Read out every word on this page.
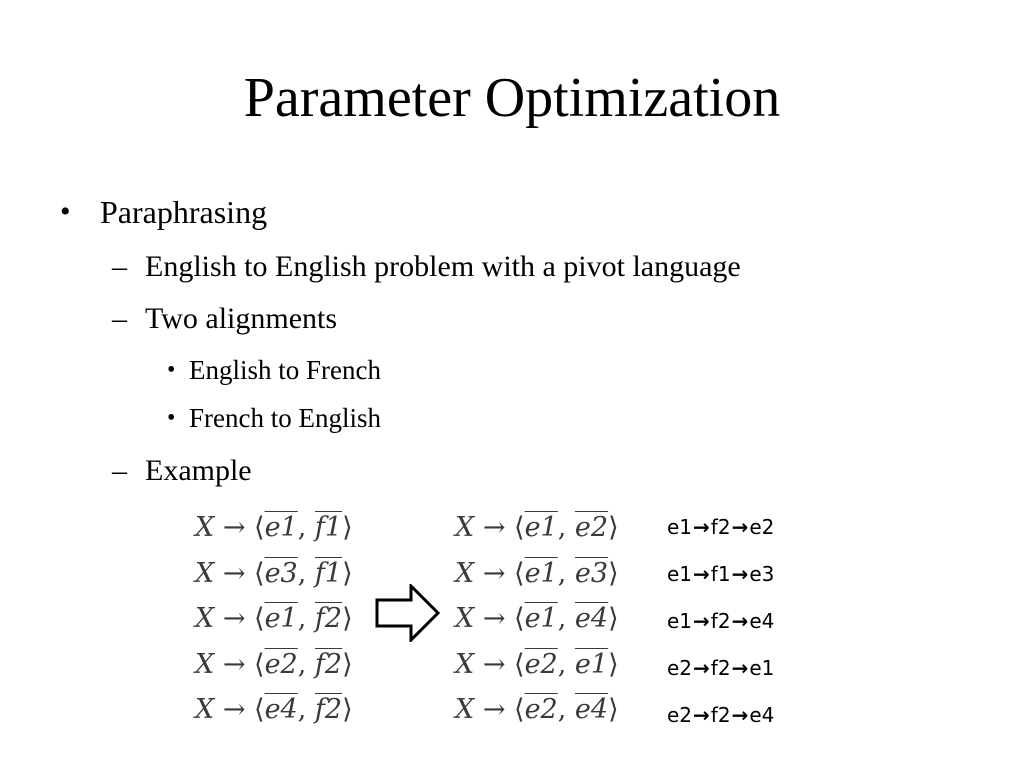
Parameter Optimization
• Paraphrasing
– English to English problem with a pivot language
– Two alignments
• English to French
• French to English
– Example
X → ⟨e1, f1⟩
X → ⟨e3, f1⟩
X → ⟨e1, f2⟩
X → ⟨e2, f2⟩
X → ⟨e4, f2⟩
X → ⟨e1, e2⟩
X → ⟨e1, e3⟩
X → ⟨e1, e4⟩
X → ⟨e2, e1⟩
X → ⟨e2, e4⟩
e1→f2→e2
e1→f1→e3
e1→f2→e4
e2→f2→e1
e2→f2→e4
